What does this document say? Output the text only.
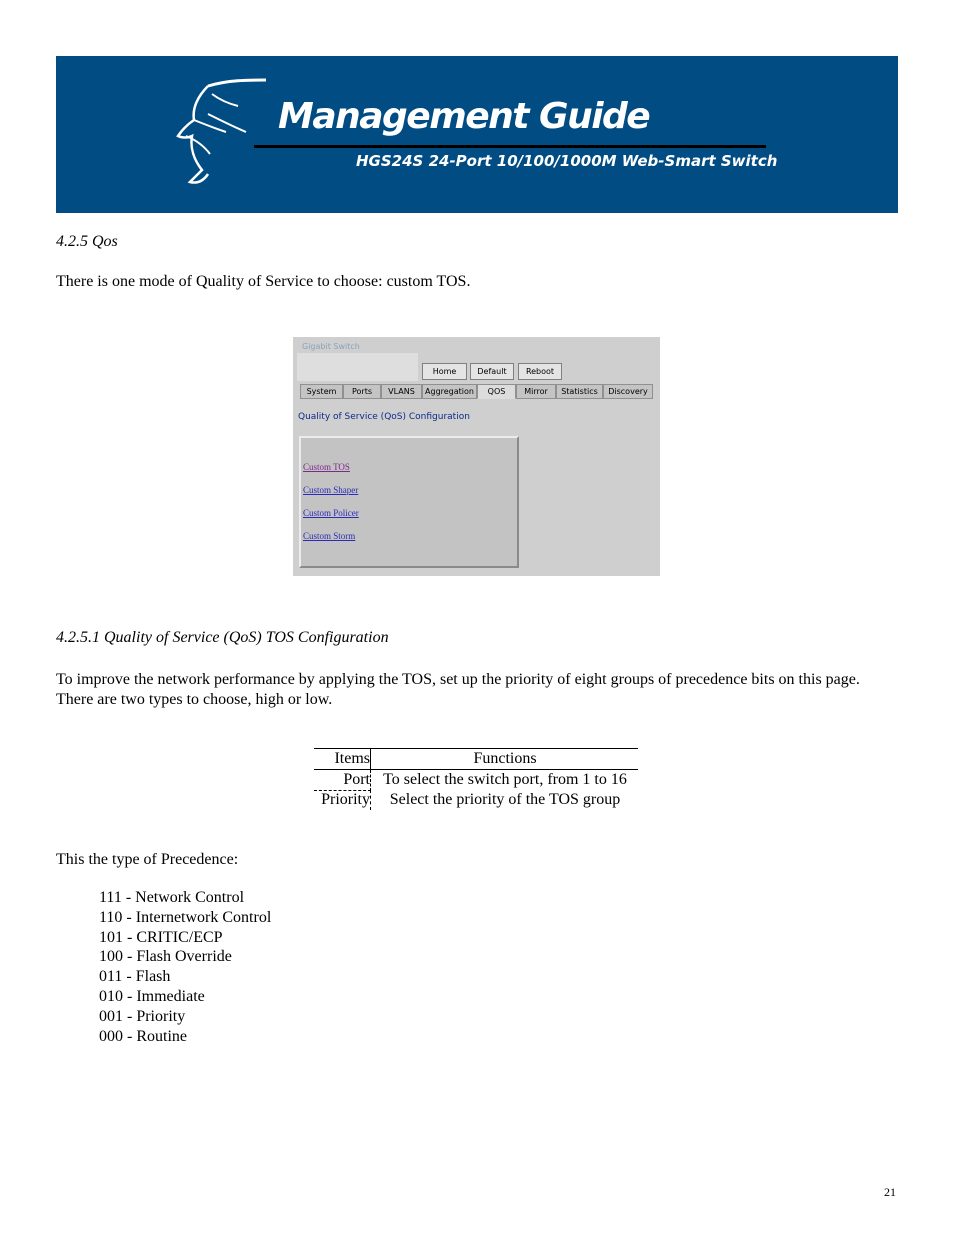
Management Guide
HGS24S 24-Port 10/100/1000M Web-Smart Switch
4.2.5 Qos
There is one mode of Quality of Service to choose: custom TOS.
Gigabit Switch
Home	Default	Reboot
System	Ports	VLANS	Aggregation	QOS	Mirror	Statistics	Discovery
Quality of Service (QoS) Configuration
Custom TOS
Custom Shaper
Custom Policer
Custom Storm
4.2.5.1 Quality of Service (QoS) TOS Configuration
To improve the network performance by applying the TOS, set up the priority of eight groups of precedence bits on this page. There are two types to choose, high or low.
Items	Functions
Port To select the switch port, from 1 to 16
Priority	Select the priority of the TOS group
This the type of Precedence:
111 - Network Control
110 - Internetwork Control
101 - CRITIC/ECP
100 - Flash Override
011 - Flash
010 - Immediate
001 - Priority
000 - Routine
21
